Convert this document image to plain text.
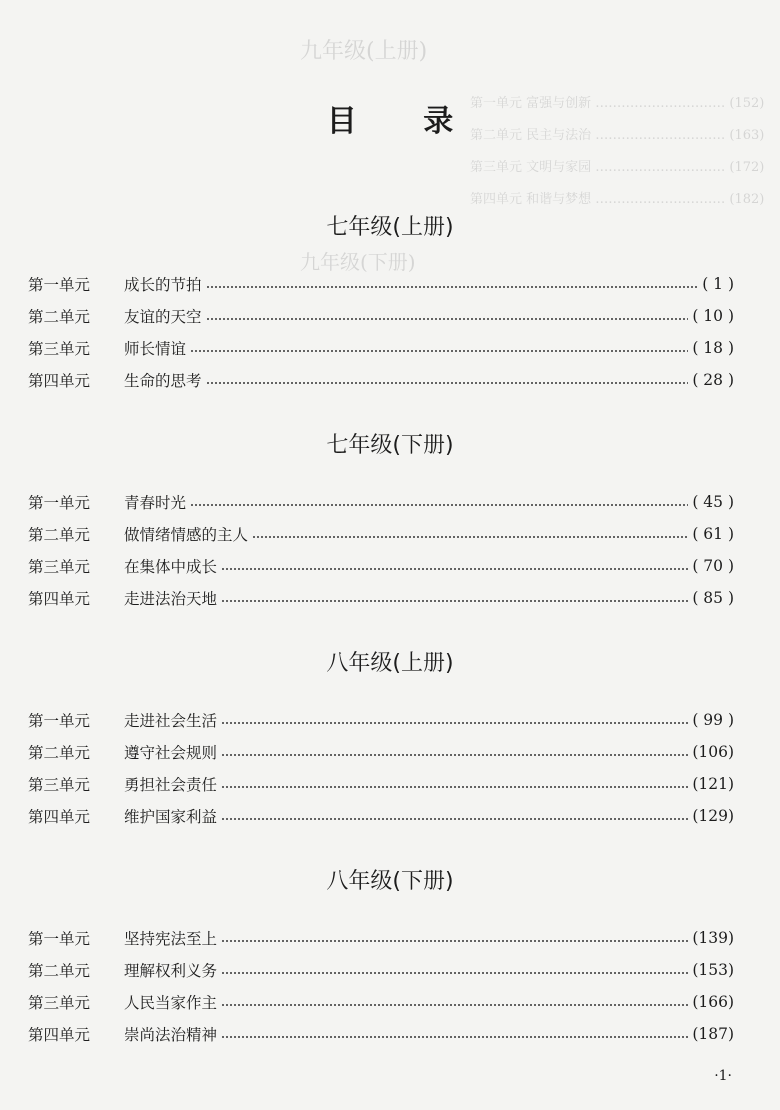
九年级(上册)
第一单元 富强与创新 ………………………… (152)
第二单元 民主与法治 ………………………… (163)
第三单元 文明与家园 ………………………… (172)
第四单元 和谐与梦想 ………………………… (182)
九年级(下册)
目 录
七年级(上册)
第一单元	成长的节拍	( 1 )
第二单元	友谊的天空	( 10 )
第三单元	师长情谊	( 18 )
第四单元	生命的思考	( 28 )
七年级(下册)
第一单元	青春时光	( 45 )
第二单元	做情绪情感的主人	( 61 )
第三单元	在集体中成长	( 70 )
第四单元	走进法治天地	( 85 )
八年级(上册)
第一单元	走进社会生活	( 99 )
第二单元	遵守社会规则	(106)
第三单元	勇担社会责任	(121)
第四单元	维护国家利益	(129)
八年级(下册)
第一单元	坚持宪法至上	(139)
第二单元	理解权利义务	(153)
第三单元	人民当家作主	(166)
第四单元	崇尚法治精神	(187)
·1·
